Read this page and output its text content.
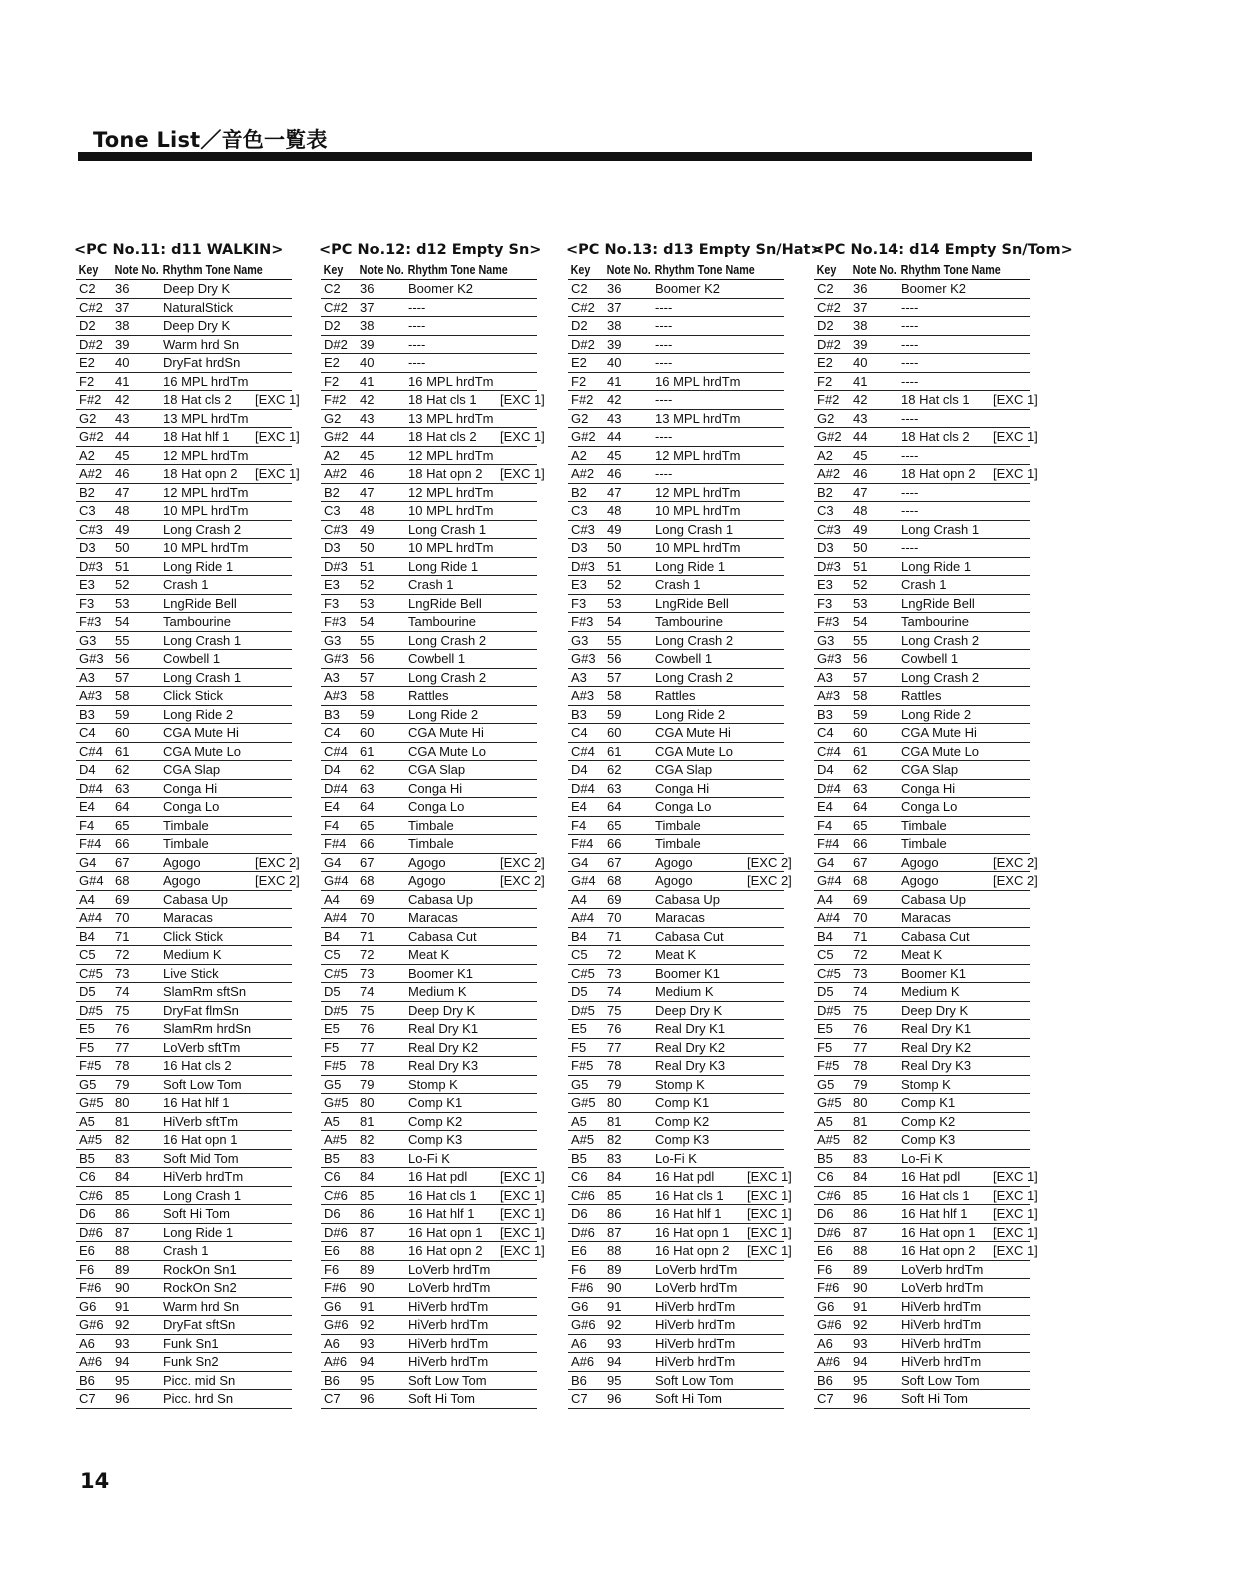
Tone List／音色一覧表
<PC No.11: d11 WALKIN>
Key	Note No.	Rhythm Tone Name	
C2	36	Deep Dry K	
C#2	37	NaturalStick	
D2	38	Deep Dry K	
D#2	39	Warm hrd Sn	
E2	40	DryFat hrdSn	
F2	41	16 MPL hrdTm	
F#2	42	18 Hat cls 2	[EXC 1]
G2	43	13 MPL hrdTm	
G#2	44	18 Hat hlf 1	[EXC 1]
A2	45	12 MPL hrdTm	
A#2	46	18 Hat opn 2	[EXC 1]
B2	47	12 MPL hrdTm	
C3	48	10 MPL hrdTm	
C#3	49	Long Crash 2	
D3	50	10 MPL hrdTm	
D#3	51	Long Ride 1	
E3	52	Crash 1	
F3	53	LngRide Bell	
F#3	54	Tambourine	
G3	55	Long Crash 1	
G#3	56	Cowbell 1	
A3	57	Long Crash 1	
A#3	58	Click Stick	
B3	59	Long Ride 2	
C4	60	CGA Mute Hi	
C#4	61	CGA Mute Lo	
D4	62	CGA Slap	
D#4	63	Conga Hi	
E4	64	Conga Lo	
F4	65	Timbale	
F#4	66	Timbale	
G4	67	Agogo	[EXC 2]
G#4	68	Agogo	[EXC 2]
A4	69	Cabasa Up	
A#4	70	Maracas	
B4	71	Click Stick	
C5	72	Medium K	
C#5	73	Live Stick	
D5	74	SlamRm sftSn	
D#5	75	DryFat flmSn	
E5	76	SlamRm hrdSn	
F5	77	LoVerb sftTm	
F#5	78	16 Hat cls 2	
G5	79	Soft Low Tom	
G#5	80	16 Hat hlf 1	
A5	81	HiVerb sftTm	
A#5	82	16 Hat opn 1	
B5	83	Soft Mid Tom	
C6	84	HiVerb hrdTm	
C#6	85	Long Crash 1	
D6	86	Soft Hi Tom	
D#6	87	Long Ride 1	
E6	88	Crash 1	
F6	89	RockOn Sn1	
F#6	90	RockOn Sn2	
G6	91	Warm hrd Sn	
G#6	92	DryFat sftSn	
A6	93	Funk Sn1	
A#6	94	Funk Sn2	
B6	95	Picc. mid Sn	
C7	96	Picc. hrd Sn	
<PC No.12: d12 Empty Sn>
Key	Note No.	Rhythm Tone Name	
C2	36	Boomer K2	
C#2	37	----	
D2	38	----	
D#2	39	----	
E2	40	----	
F2	41	16 MPL hrdTm	
F#2	42	18 Hat cls 1	[EXC 1]
G2	43	13 MPL hrdTm	
G#2	44	18 Hat cls 2	[EXC 1]
A2	45	12 MPL hrdTm	
A#2	46	18 Hat opn 2	[EXC 1]
B2	47	12 MPL hrdTm	
C3	48	10 MPL hrdTm	
C#3	49	Long Crash 1	
D3	50	10 MPL hrdTm	
D#3	51	Long Ride 1	
E3	52	Crash 1	
F3	53	LngRide Bell	
F#3	54	Tambourine	
G3	55	Long Crash 2	
G#3	56	Cowbell 1	
A3	57	Long Crash 2	
A#3	58	Rattles	
B3	59	Long Ride 2	
C4	60	CGA Mute Hi	
C#4	61	CGA Mute Lo	
D4	62	CGA Slap	
D#4	63	Conga Hi	
E4	64	Conga Lo	
F4	65	Timbale	
F#4	66	Timbale	
G4	67	Agogo	[EXC 2]
G#4	68	Agogo	[EXC 2]
A4	69	Cabasa Up	
A#4	70	Maracas	
B4	71	Cabasa Cut	
C5	72	Meat K	
C#5	73	Boomer K1	
D5	74	Medium K	
D#5	75	Deep Dry K	
E5	76	Real Dry K1	
F5	77	Real Dry K2	
F#5	78	Real Dry K3	
G5	79	Stomp K	
G#5	80	Comp K1	
A5	81	Comp K2	
A#5	82	Comp K3	
B5	83	Lo-Fi K	
C6	84	16 Hat pdl	[EXC 1]
C#6	85	16 Hat cls 1	[EXC 1]
D6	86	16 Hat hlf 1	[EXC 1]
D#6	87	16 Hat opn 1	[EXC 1]
E6	88	16 Hat opn 2	[EXC 1]
F6	89	LoVerb hrdTm	
F#6	90	LoVerb hrdTm	
G6	91	HiVerb hrdTm	
G#6	92	HiVerb hrdTm	
A6	93	HiVerb hrdTm	
A#6	94	HiVerb hrdTm	
B6	95	Soft Low Tom	
C7	96	Soft Hi Tom	
<PC No.13: d13 Empty Sn/Hat>
Key	Note No.	Rhythm Tone Name	
C2	36	Boomer K2	
C#2	37	----	
D2	38	----	
D#2	39	----	
E2	40	----	
F2	41	16 MPL hrdTm	
F#2	42	----	
G2	43	13 MPL hrdTm	
G#2	44	----	
A2	45	12 MPL hrdTm	
A#2	46	----	
B2	47	12 MPL hrdTm	
C3	48	10 MPL hrdTm	
C#3	49	Long Crash 1	
D3	50	10 MPL hrdTm	
D#3	51	Long Ride 1	
E3	52	Crash 1	
F3	53	LngRide Bell	
F#3	54	Tambourine	
G3	55	Long Crash 2	
G#3	56	Cowbell 1	
A3	57	Long Crash 2	
A#3	58	Rattles	
B3	59	Long Ride 2	
C4	60	CGA Mute Hi	
C#4	61	CGA Mute Lo	
D4	62	CGA Slap	
D#4	63	Conga Hi	
E4	64	Conga Lo	
F4	65	Timbale	
F#4	66	Timbale	
G4	67	Agogo	[EXC 2]
G#4	68	Agogo	[EXC 2]
A4	69	Cabasa Up	
A#4	70	Maracas	
B4	71	Cabasa Cut	
C5	72	Meat K	
C#5	73	Boomer K1	
D5	74	Medium K	
D#5	75	Deep Dry K	
E5	76	Real Dry K1	
F5	77	Real Dry K2	
F#5	78	Real Dry K3	
G5	79	Stomp K	
G#5	80	Comp K1	
A5	81	Comp K2	
A#5	82	Comp K3	
B5	83	Lo-Fi K	
C6	84	16 Hat pdl	[EXC 1]
C#6	85	16 Hat cls 1	[EXC 1]
D6	86	16 Hat hlf 1	[EXC 1]
D#6	87	16 Hat opn 1	[EXC 1]
E6	88	16 Hat opn 2	[EXC 1]
F6	89	LoVerb hrdTm	
F#6	90	LoVerb hrdTm	
G6	91	HiVerb hrdTm	
G#6	92	HiVerb hrdTm	
A6	93	HiVerb hrdTm	
A#6	94	HiVerb hrdTm	
B6	95	Soft Low Tom	
C7	96	Soft Hi Tom	
<PC No.14: d14 Empty Sn/Tom>
Key	Note No.	Rhythm Tone Name	
C2	36	Boomer K2	
C#2	37	----	
D2	38	----	
D#2	39	----	
E2	40	----	
F2	41	----	
F#2	42	18 Hat cls 1	[EXC 1]
G2	43	----	
G#2	44	18 Hat cls 2	[EXC 1]
A2	45	----	
A#2	46	18 Hat opn 2	[EXC 1]
B2	47	----	
C3	48	----	
C#3	49	Long Crash 1	
D3	50	----	
D#3	51	Long Ride 1	
E3	52	Crash 1	
F3	53	LngRide Bell	
F#3	54	Tambourine	
G3	55	Long Crash 2	
G#3	56	Cowbell 1	
A3	57	Long Crash 2	
A#3	58	Rattles	
B3	59	Long Ride 2	
C4	60	CGA Mute Hi	
C#4	61	CGA Mute Lo	
D4	62	CGA Slap	
D#4	63	Conga Hi	
E4	64	Conga Lo	
F4	65	Timbale	
F#4	66	Timbale	
G4	67	Agogo	[EXC 2]
G#4	68	Agogo	[EXC 2]
A4	69	Cabasa Up	
A#4	70	Maracas	
B4	71	Cabasa Cut	
C5	72	Meat K	
C#5	73	Boomer K1	
D5	74	Medium K	
D#5	75	Deep Dry K	
E5	76	Real Dry K1	
F5	77	Real Dry K2	
F#5	78	Real Dry K3	
G5	79	Stomp K	
G#5	80	Comp K1	
A5	81	Comp K2	
A#5	82	Comp K3	
B5	83	Lo-Fi K	
C6	84	16 Hat pdl	[EXC 1]
C#6	85	16 Hat cls 1	[EXC 1]
D6	86	16 Hat hlf 1	[EXC 1]
D#6	87	16 Hat opn 1	[EXC 1]
E6	88	16 Hat opn 2	[EXC 1]
F6	89	LoVerb hrdTm	
F#6	90	LoVerb hrdTm	
G6	91	HiVerb hrdTm	
G#6	92	HiVerb hrdTm	
A6	93	HiVerb hrdTm	
A#6	94	HiVerb hrdTm	
B6	95	Soft Low Tom	
C7	96	Soft Hi Tom	
14
